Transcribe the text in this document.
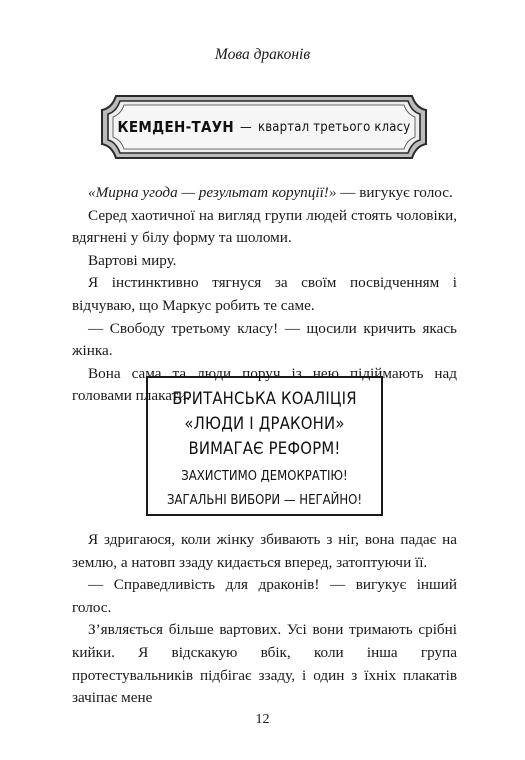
Мова драконів
КЕМДЕН-ТАУН — квартал третього класу

«Мирна угода — результат корупції!» — вигукує голос.

Серед хаотичної на вигляд групи людей стоять чоловіки, вдягнені у білу форму та шоломи.

Вартові миру.

Я інстинктивно тягнуся за своїм посвідченням і відчуваю, що Маркус робить те саме.

— Свободу третьому класу! — щосили кричить якась жінка.

Вона сама та люди поруч із нею підіймають над головами плакати.

БРИТАНСЬКА КОАЛІЦІЯ
«ЛЮДИ І ДРАКОНИ»
ВИМАГАЄ РЕФОРМ!
ЗАХИСТИМО ДЕМОКРАТІЮ!
ЗАГАЛЬНІ ВИБОРИ — НЕГАЙНО!

Я здригаюся, коли жінку збивають з ніг, вона падає на землю, а натовп ззаду кидається вперед, затоптуючи її.

— Справедливість для драконів! — вигукує інший голос.

З’являється більше вартових. Усі вони тримають срібні кийки. Я відскакую вбік, коли інша група протестувальників підбігає ззаду, і один з їхніх плакатів зачіпає мене

12
